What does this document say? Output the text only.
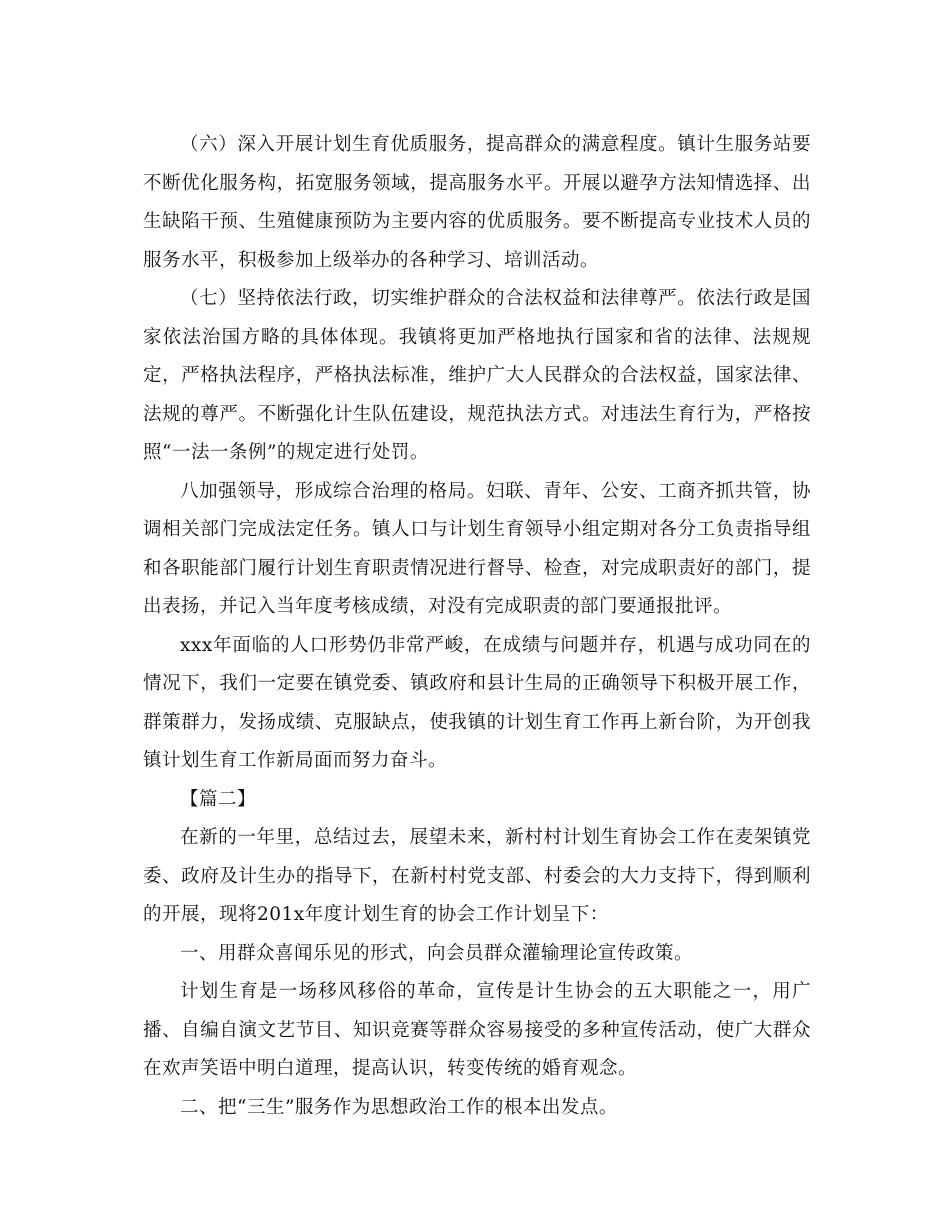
（六）深入开展计划生育优质服务，提高群众的满意程度。镇计生服务站要不断优化服务构，拓宽服务领域，提高服务水平。开展以避孕方法知情选择、出生缺陷干预、生殖健康预防为主要内容的优质服务。要不断提高专业技术人员的服务水平，积极参加上级举办的各种学习、培训活动。

（七）坚持依法行政，切实维护群众的合法权益和法律尊严。依法行政是国家依法治国方略的具体体现。我镇将更加严格地执行国家和省的法律、法规规定，严格执法程序，严格执法标准，维护广大人民群众的合法权益，国家法律、法规的尊严。不断强化计生队伍建设，规范执法方式。对违法生育行为，严格按照“一法一条例”的规定进行处罚。

八加强领导，形成综合治理的格局。妇联、青年、公安、工商齐抓共管，协调相关部门完成法定任务。镇人口与计划生育领导小组定期对各分工负责指导组和各职能部门履行计划生育职责情况进行督导、检查，对完成职责好的部门，提出表扬，并记入当年度考核成绩，对没有完成职责的部门要通报批评。

xxx年面临的人口形势仍非常严峻，在成绩与问题并存，机遇与成功同在的情况下，我们一定要在镇党委、镇政府和县计生局的正确领导下积极开展工作，群策群力，发扬成绩、克服缺点，使我镇的计划生育工作再上新台阶，为开创我镇计划生育工作新局面而努力奋斗。

【篇二】

在新的一年里，总结过去，展望未来，新村村计划生育协会工作在麦架镇党委、政府及计生办的指导下，在新村村党支部、村委会的大力支持下，得到顺利的开展，现将201x年度计划生育的协会工作计划呈下：

一、用群众喜闻乐见的形式，向会员群众灌输理论宣传政策。

计划生育是一场移风移俗的革命，宣传是计生协会的五大职能之一，用广播、自编自演文艺节目、知识竞赛等群众容易接受的多种宣传活动，使广大群众在欢声笑语中明白道理，提高认识，转变传统的婚育观念。

二、把“三生”服务作为思想政治工作的根本出发点。
